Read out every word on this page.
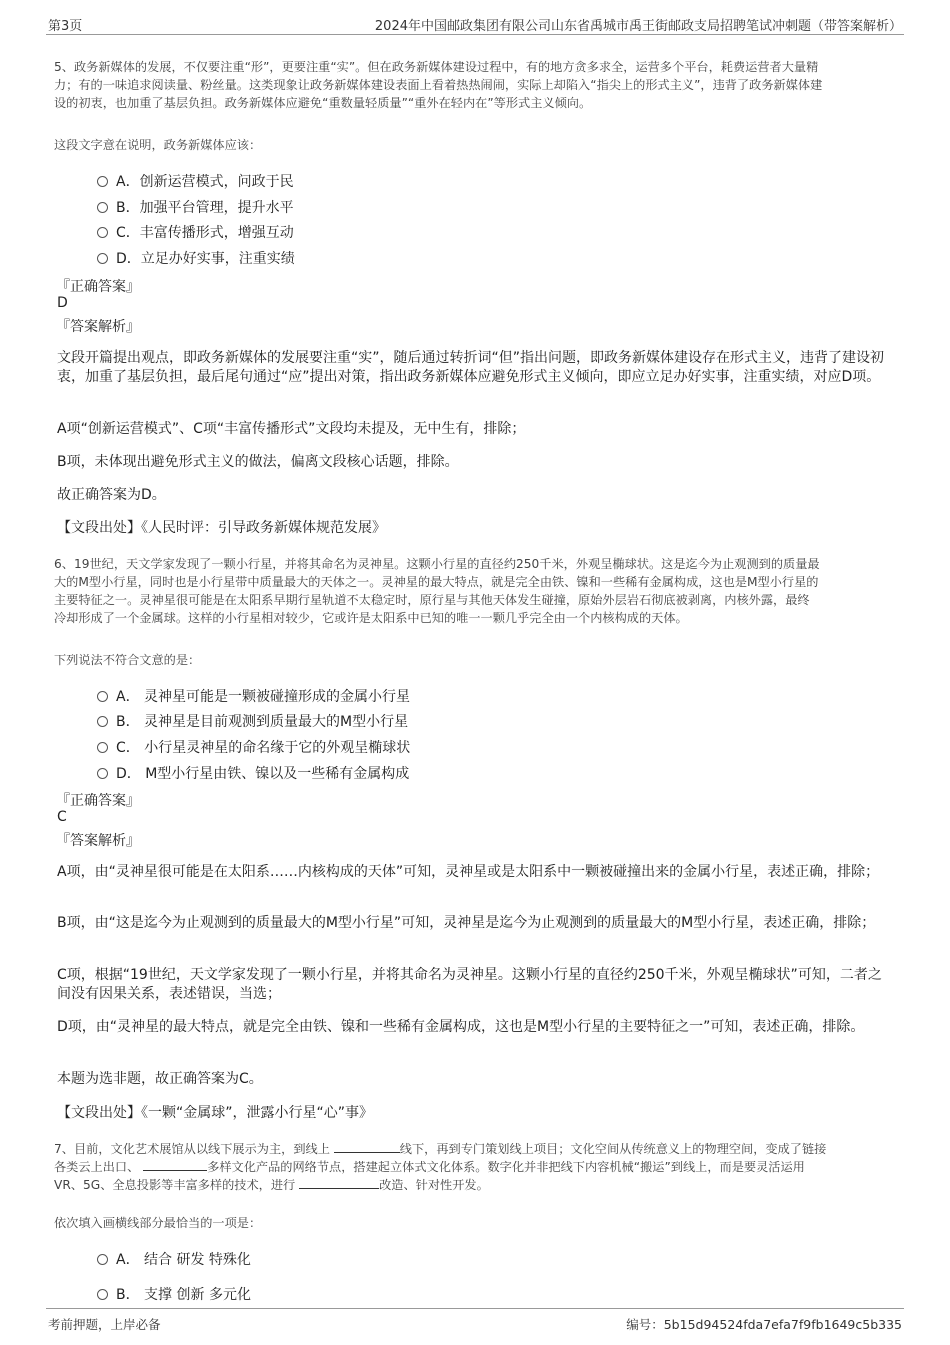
第3页	2024年中国邮政集团有限公司山东省禹城市禹王街邮政支局招聘笔试冲刺题（带答案解析）
5、政务新媒体的发展，不仅要注重“形”，更要注重“实”。但在政务新媒体建设过程中，有的地方贪多求全，运营多个平台，耗费运营者大量精
力；有的一味追求阅读量、粉丝量。这类现象让政务新媒体建设表面上看着热热闹闹，实际上却陷入“指尖上的形式主义”，违背了政务新媒体建
设的初衷，也加重了基层负担。政务新媒体应避免“重数量轻质量”“重外在轻内在”等形式主义倾向。
这段文字意在说明，政务新媒体应该：
A．创新运营模式，问政于民
B．加强平台管理，提升水平
C．丰富传播形式，增强互动
D．立足办好实事，注重实绩
『正确答案』
D
『答案解析』
文段开篇提出观点，即政务新媒体的发展要注重“实”，随后通过转折词“但”指出问题，即政务新媒体建设存在形式主义，违背了建设初衷，加重了基层负担，最后尾句通过“应”提出对策，指出政务新媒体应避免形式主义倾向，即应立足办好实事，注重实绩，对应D项。
A项“创新运营模式”、C项“丰富传播形式”文段均未提及，无中生有，排除；
B项，未体现出避免形式主义的做法，偏离文段核心话题，排除。
故正确答案为D。
【文段出处】《人民时评：引导政务新媒体规范发展》
6、19世纪，天文学家发现了一颗小行星，并将其命名为灵神星。这颗小行星的直径约250千米，外观呈椭球状。这是迄今为止观测到的质量最
大的M型小行星，同时也是小行星带中质量最大的天体之一。灵神星的最大特点，就是完全由铁、镍和一些稀有金属构成，这也是M型小行星的
主要特征之一。灵神星很可能是在太阳系早期行星轨道不太稳定时，原行星与其他天体发生碰撞，原始外层岩石彻底被剥离，内核外露，最终
冷却形成了一个金属球。这样的小行星相对较少，它或许是太阳系中已知的唯一一颗几乎完全由一个内核构成的天体。
下列说法不符合文意的是：
A． 灵神星可能是一颗被碰撞形成的金属小行星
B． 灵神星是目前观测到质量最大的M型小行星
C． 小行星灵神星的命名缘于它的外观呈椭球状
D． M型小行星由铁、镍以及一些稀有金属构成
『正确答案』
C
『答案解析』
A项，由“灵神星很可能是在太阳系……内核构成的天体”可知，灵神星或是太阳系中一颗被碰撞出来的金属小行星，表述正确，排除；
B项，由“这是迄今为止观测到的质量最大的M型小行星”可知，灵神星是迄今为止观测到的质量最大的M型小行星，表述正确，排除；
C项，根据“19世纪，天文学家发现了一颗小行星，并将其命名为灵神星。这颗小行星的直径约250千米，外观呈椭球状”可知，二者之间没有因果关系，表述错误，当选；
D项，由“灵神星的最大特点，就是完全由铁、镍和一些稀有金属构成，这也是M型小行星的主要特征之一”可知，表述正确，排除。
本题为选非题，故正确答案为C。
【文段出处】《一颗“金属球”，泄露小行星“心”事》
7、目前，文化艺术展馆从以线下展示为主，到线上	线下，再到专门策划线上项目；文化空间从传统意义上的物理空间，变成了链接
各类云上出口、	多样文化产品的网络节点，搭建起立体式文化体系。数字化并非把线下内容机械“搬运”到线上，而是要灵活运用
VR、5G、全息投影等丰富多样的技术，进行	改造、针对性开发。
依次填入画横线部分最恰当的一项是：
A． 结合 研发 特殊化
B． 支撑 创新 多元化
考前押题，上岸必备	编号：5b15d94524fda7efa7f9fb1649c5b335
